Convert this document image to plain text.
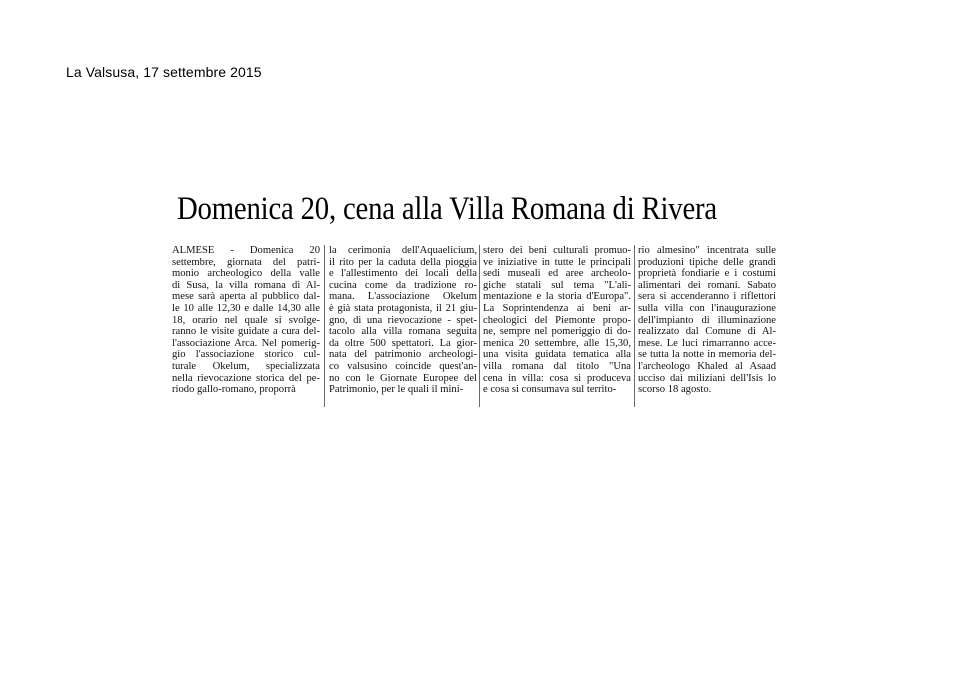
La Valsusa, 17 settembre 2015
Domenica 20, cena alla Villa Romana di Rivera
ALMESE - Domenica 20
settembre, giornata del patri-
monio archeologico della valle
di Susa, la villa romana di Al-
mese sarà aperta al pubblico dal-
le 10 alle 12,30 e dalle 14,30 alle
18, orario nel quale si svolge-
ranno le visite guidate a cura del-
l'associazione Arca. Nel pomerig-
gio l'associazione storico cul-
turale Okelum, specializzata
nella rievocazione storica del pe-
riodo gallo-romano, proporrà
la cerimonia dell'Aquaelicium,
il rito per la caduta della pioggia
e l'allestimento dei locali della
cucina come da tradizione ro-
mana. L'associazione Okelum
è già stata protagonista, il 21 giu-
gno, di una rievocazione - spet-
tacolo alla villa romana seguita
da oltre 500 spettatori. La gior-
nata del patrimonio archeologi-
co valsusino coincide quest'an-
no con le Giornate Europee del
Patrimonio, per le quali il mini-
stero dei beni culturali promuo-
ve iniziative in tutte le principali
sedi museali ed aree archeolo-
giche statali sul tema "L'ali-
mentazione e la storia d'Europa".
La Soprintendenza ai beni ar-
cheologici del Piemonte propo-
ne, sempre nel pomeriggio di do-
menica 20 settembre, alle 15,30,
una visita guidata tematica alla
villa romana dal titolo "Una
cena in villa: cosa si produceva
e cosa si consumava sul territo-
rio almesino" incentrata sulle
produzioni tipiche delle grandi
proprietà fondiarie e i costumi
alimentari dei romani. Sabato
sera si accenderanno i riflettori
sulla villa con l'inaugurazione
dell'impianto di illuminazione
realizzato dal Comune di Al-
mese. Le luci rimarranno acce-
se tutta la notte in memoria del-
l'archeologo Khaled al Asaad
ucciso dai miliziani dell'Isis lo
scorso 18 agosto.
